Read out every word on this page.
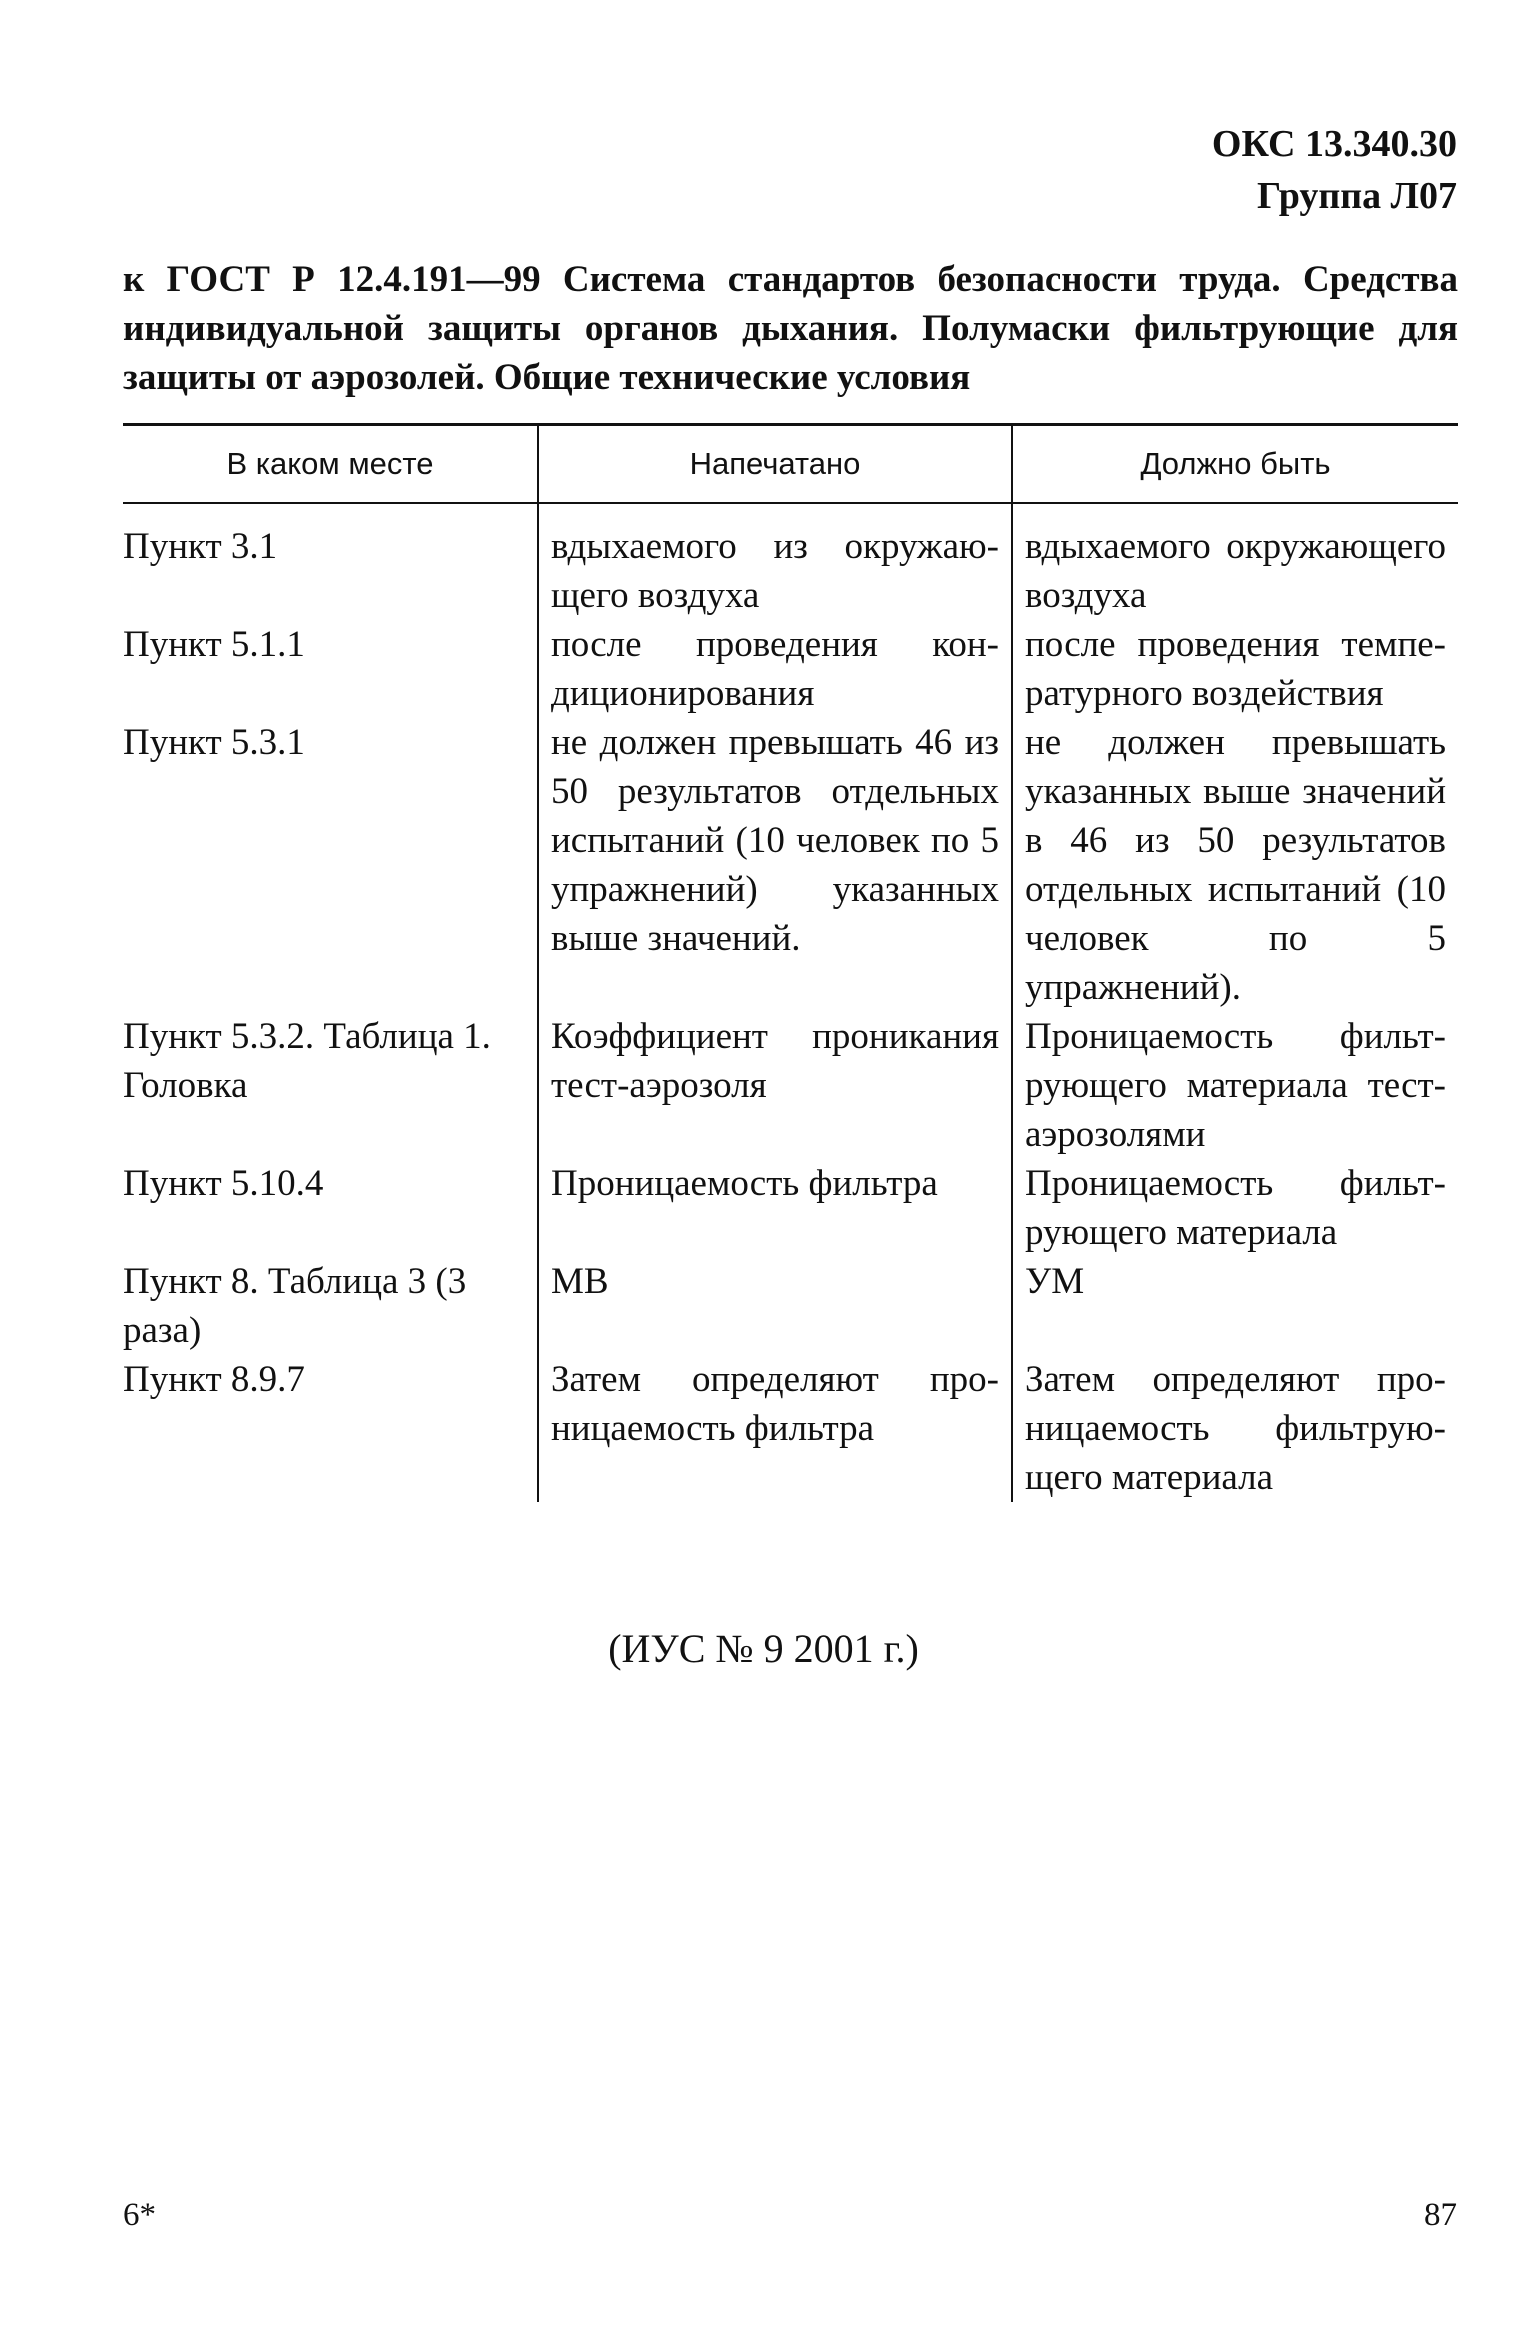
ОКС 13.340.30
Группа Л07
к ГОСТ Р 12.4.191—99 Система стандартов безопасности труда. Средства индивидуальной защиты органов дыхания. Полумаски фильтрующие для защиты от аэрозолей. Общие технические условия
В каком месте	Напечатано	Должно быть

Пункт 3.1	вдыхаемого из окружающего воздуха	вдыхаемого окружающего воздуха
Пункт 5.1.1	после проведения кондиционирования	после проведения температурного воздействия
Пункт 5.3.1	не должен превышать 46 из 50 результатов отдельных испытаний (10 человек по 5 упражнений) указанных выше значений.	не должен превышать указанных выше значений в 46 из 50 результатов отдельных испытаний (10 человек по 5 упражнений).
Пункт 5.3.2. Таблица 1. Головка	Коэффициент проникания тест-аэрозоля	Проницаемость фильтрующего материала тест-аэрозолями
Пункт 5.10.4	Проницаемость фильтра	Проницаемость фильтрующего материала
Пункт 8. Таблица 3 (3 раза)	МВ	УМ
Пункт 8.9.7	Затем определяют проницаемость фильтра	Затем определяют проницаемость фильтрующего материала
(ИУС № 9 2001 г.)
6*	87
